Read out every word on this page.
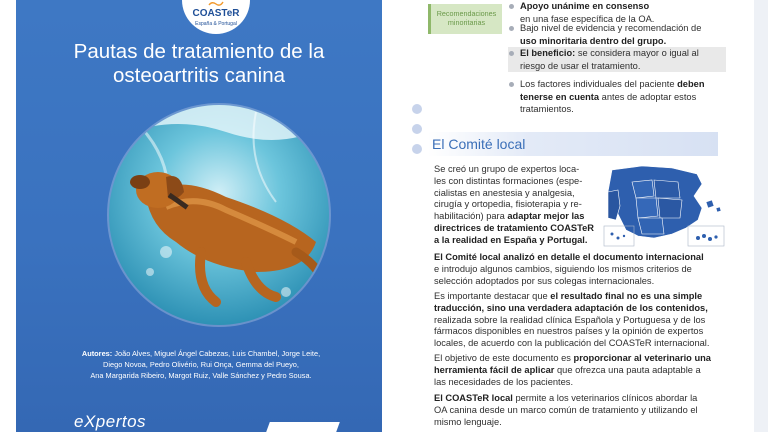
COASTeR
España & Portugal
Pautas de tratamiento de la
osteoartritis canina
Autores: João Alves, Miguel Ángel Cabezas, Luis Chambel, Jorge Leite,
Diego Novoa, Pedro Olivério, Rui Onça, Gemma del Pueyo,
Ana Margarida Ribeiro, Margot Ruiz, Valle Sánchez y Pedro Sousa.
eXpertos
Recomendaciones
minoritarias
Apoyo unánime en consenso
en una fase específica de la OA.
Bajo nivel de evidencia y recomendación de
uso minoritaria dentro del grupo.
El beneficio: se considera mayor o igual al
riesgo de usar el tratamiento.
Los factores individuales del paciente deben
tenerse en cuenta antes de adoptar estos
tratamientos.
El Comité local
Se creó un grupo de expertos loca-
les con distintas formaciones (espe-
cialistas en anestesia y analgesia,
cirugía y ortopedia, fisioterapia y re-
habilitación) para adaptar mejor las
directrices de tratamiento COASTeR
a la realidad en España y Portugal.
El Comité local analizó en detalle el documento internacional
e introdujo algunos cambios, siguiendo los mismos criterios de
selección adoptados por sus colegas internacionales.
Es importante destacar que el resultado final no es una simple
traducción, sino una verdadera adaptación de los contenidos,
realizada sobre la realidad clínica Española y Portuguesa y de los
fármacos disponibles en nuestros países y la opinión de expertos
locales, de acuerdo con la publicación del COASTeR internacional.
El objetivo de este documento es proporcionar al veterinario una
herramienta fácil de aplicar que ofrezca una pauta adaptable a
las necesidades de los pacientes.
El COASTeR local permite a los veterinarios clínicos abordar la
OA canina desde un marco común de tratamiento y utilizando el
mismo lenguaje.
